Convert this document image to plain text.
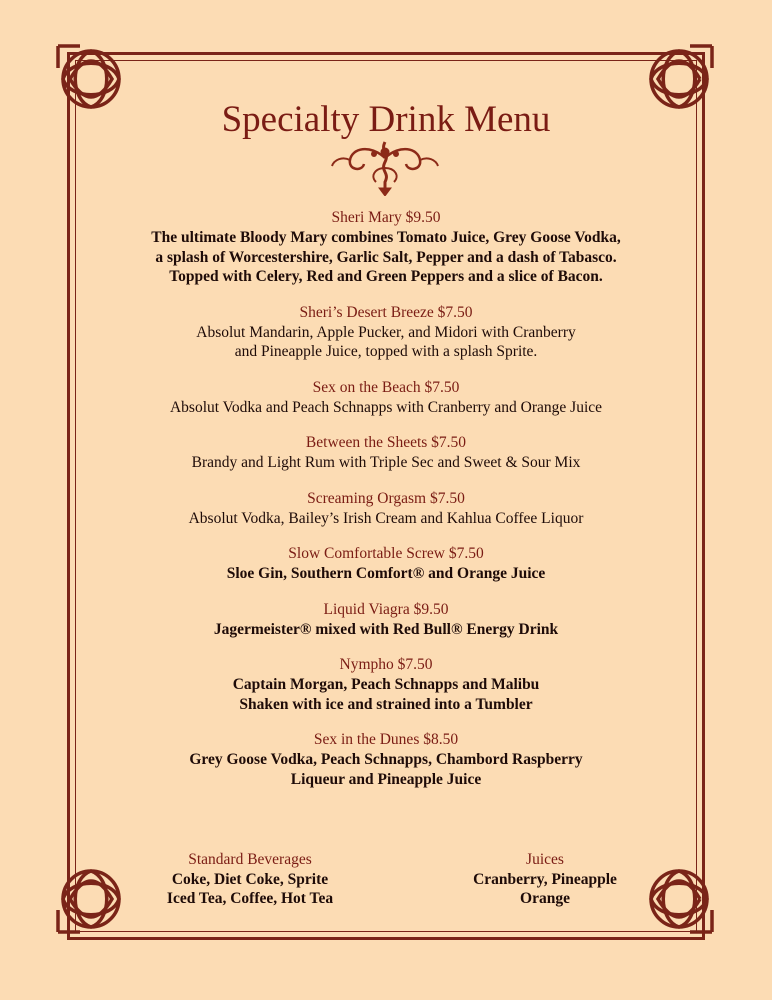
Specialty Drink Menu
Sheri Mary $9.50
The ultimate Bloody Mary combines Tomato Juice, Grey Goose Vodka,
a splash of Worcestershire, Garlic Salt, Pepper and a dash of Tabasco.
Topped with Celery, Red and Green Peppers and a slice of Bacon.
Sheri’s Desert Breeze $7.50
Absolut Mandarin, Apple Pucker, and Midori with Cranberry
and Pineapple Juice, topped with a splash Sprite.
Sex on the Beach $7.50
Absolut Vodka and Peach Schnapps with Cranberry and Orange Juice
Between the Sheets $7.50
Brandy and Light Rum with Triple Sec and Sweet & Sour Mix
Screaming Orgasm $7.50
Absolut Vodka, Bailey’s Irish Cream and Kahlua Coffee Liquor
Slow Comfortable Screw $7.50
Sloe Gin, Southern Comfort® and Orange Juice
Liquid Viagra $9.50
Jagermeister® mixed with Red Bull® Energy Drink
Nympho $7.50
Captain Morgan, Peach Schnapps and Malibu
Shaken with ice and strained into a Tumbler
Sex in the Dunes $8.50
Grey Goose Vodka, Peach Schnapps, Chambord Raspberry
Liqueur and Pineapple Juice
Standard Beverages
Coke, Diet Coke, Sprite
Iced Tea, Coffee, Hot Tea
Juices
Cranberry, Pineapple
Orange
